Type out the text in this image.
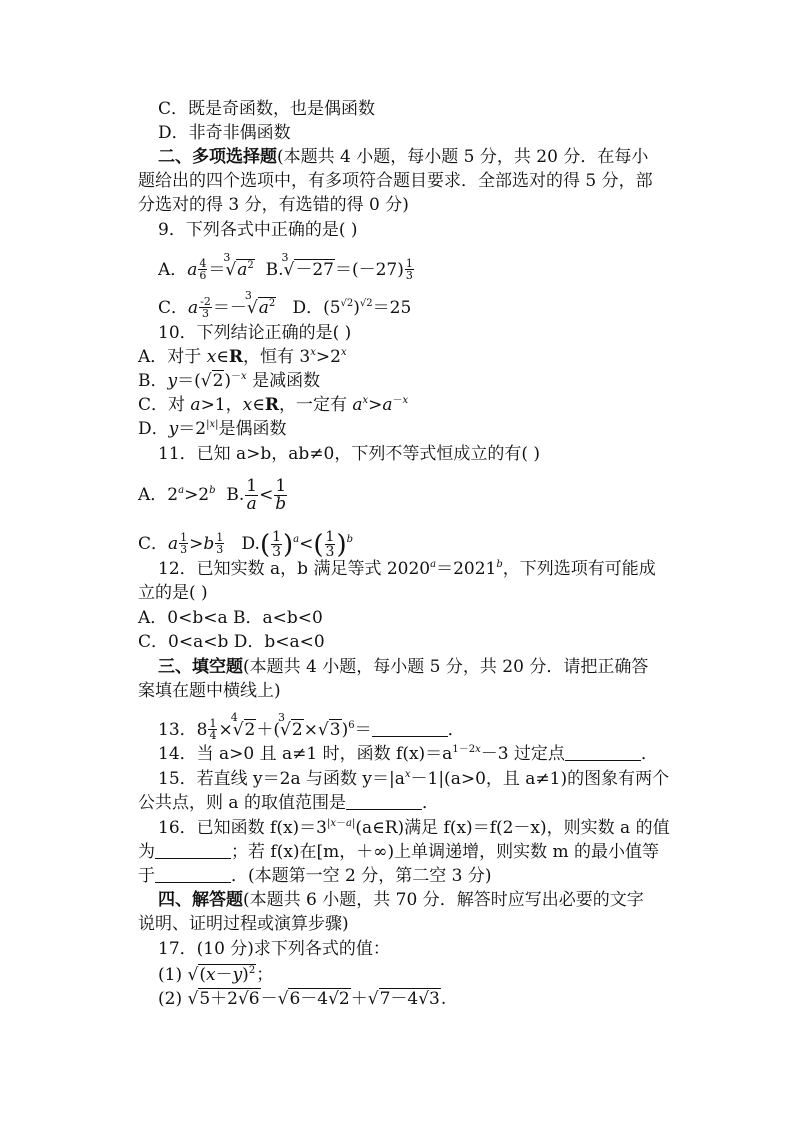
C．既是奇函数，也是偶函数
D．非奇非偶函数
二、多项选择题(本题共 4 小题，每小题 5 分，共 20 分．在每小
题给出的四个选项中，有多项符合题目要求．全部选对的得 5 分，部
分选对的得 3 分，有选错的得 0 分)
9．下列各式中正确的是( )
A．a $\frac{4}{6}$ ＝
3
$√a^2$  B.
3
$√-27=(-27) \frac{1}{3}$
C．a $\frac{-2}{3}$ ＝－
3
$√a^2$   D．$(5^{√2})^{√2}=25$
10．下列结论正确的是( )
A．对于 x∈R，恒有 $3^x>2^x$
B．$y=(√2)^{-x}$ 是减函数
C．对 a>1，x∈R，一定有 $a^x>a^{-x}$
D．$y=2^{|x|}$是偶函数
11．已知 a>b，ab≠0，下列不等式恒成立的有( )
A．$2^a>2^b$  B. $\frac{1}{a} < \frac{1}{b}$
C．a $\frac{1}{3} >b \frac{1}{3} D.( \frac{1}{3} )^a<( \frac{1}{3} )^b$
12．已知实数 a，b 满足等式 $2020^a=2021^b$，下列选项有可能成
立的是( )
A．0<b<a B．a<b<0
C．0<a<b D．b<a<0
三、填空题(本题共 4 小题，每小题 5 分，共 20 分．请把正确答
案填在题中横线上)
13．$8 \frac{1}{4}$ ×
4
√2＋(
3
√2×√3)$^6$＝	．
14．当 a>0 且 a≠1 时，函数 $f(x)=a^{1-2x}-3$ 过定点	．
15．若直线 y＝2a 与函数 $y=|a^x-1|(a>0$，且 a≠1)的图象有两个
公共点，则 a 的取值范围是	．
16．已知函数 $f(x)=3^{|x-a|}(a\in R)$满足 f(x)＝f(2－x)，则实数 a 的值
为	；若 f(x)在[m，＋∞)上单调递增，则实数 m 的最小值等
于	．(本题第一空 2 分，第二空 3 分)
四、解答题(本题共 6 小题，共 70 分．解答时应写出必要的文字
说明、证明过程或演算步骤)
17．(10 分)求下列各式的值：
(1) $√(x-y)^2$；
(2) √5＋2√6－√6－4√2＋√7－4√3.
